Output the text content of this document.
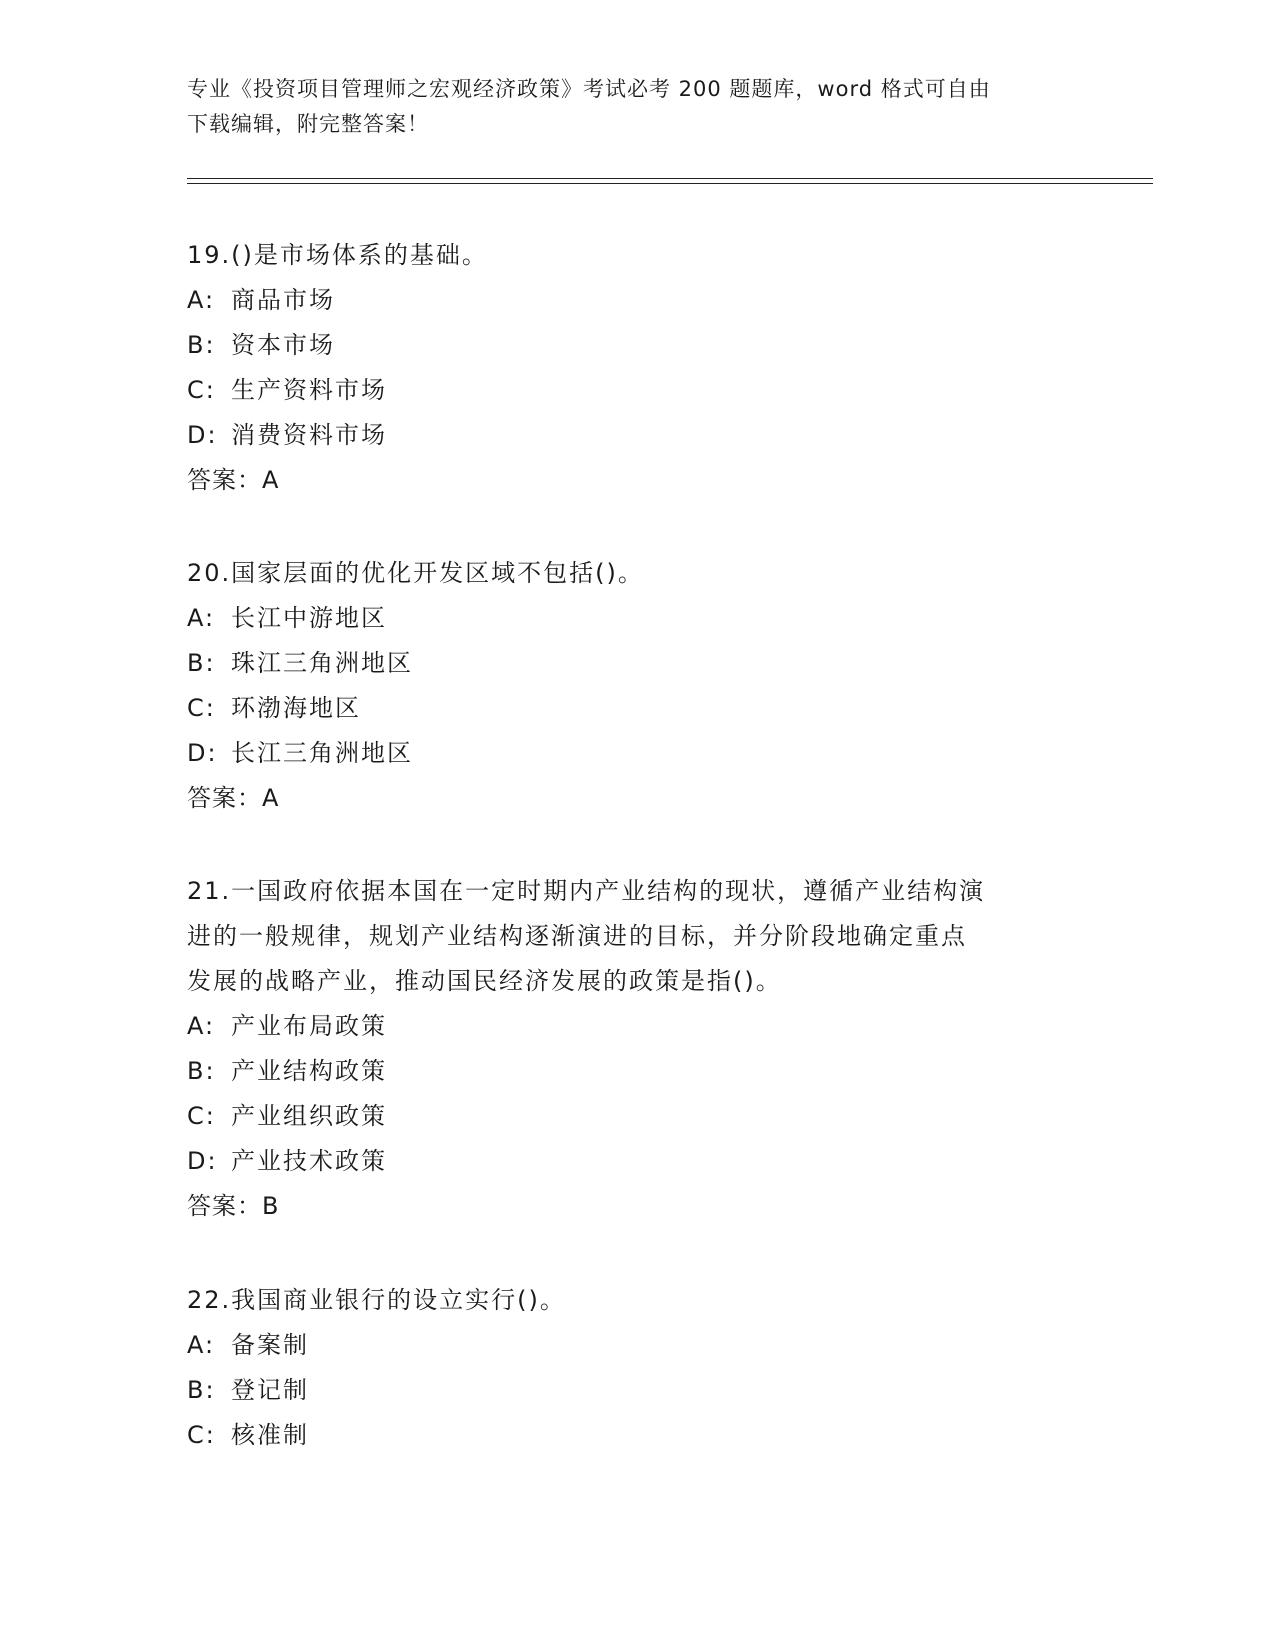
专业《投资项目管理师之宏观经济政策》考试必考 200 题题库，word 格式可自由
下载编辑，附完整答案！
19.()是市场体系的基础。
A: 商品市场
B: 资本市场
C: 生产资料市场
D: 消费资料市场
答案：A
20.国家层面的优化开发区域不包括()。
A: 长江中游地区
B: 珠江三角洲地区
C: 环渤海地区
D: 长江三角洲地区
答案：A
21.一国政府依据本国在一定时期内产业结构的现状，遵循产业结构演
进的一般规律，规划产业结构逐渐演进的目标，并分阶段地确定重点
发展的战略产业，推动国民经济发展的政策是指()。
A: 产业布局政策
B: 产业结构政策
C: 产业组织政策
D: 产业技术政策
答案：B
22.我国商业银行的设立实行()。
A: 备案制
B: 登记制
C: 核准制
